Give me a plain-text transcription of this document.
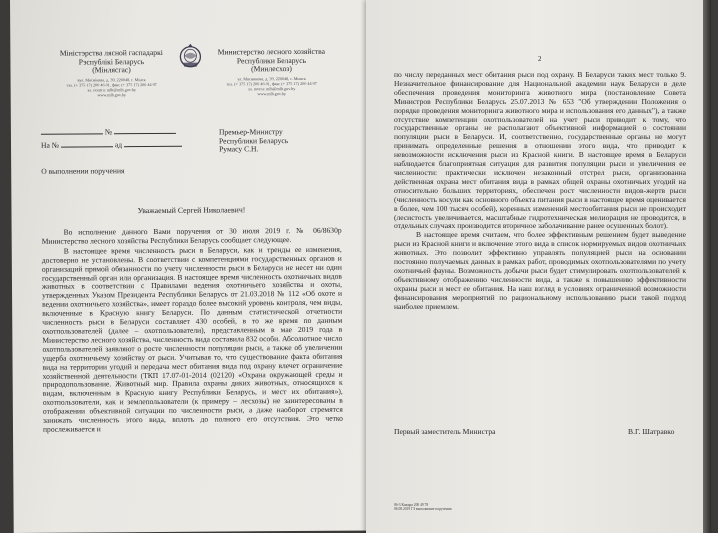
Міністэрства лясной гаспадаркі
Рэспублікі Беларусь
(Мінлясгас)
вул. Мяснікова, д. 39, 220048, г. Мінск
тэл. (+ 375 17) 200 46 01, факс (+ 375 17) 200 44 97
эл. пошта: mlh@mlh.gov.by
www.mlh.gov.by
Министерство лесного хозяйства
Республики Беларусь
(Минлесхоз)
ул. Мясникова, д. 39, 220048, г. Минск
тел. (+ 375 17) 200 46 01, факс (+ 375 17) 200 44 97
эл. почта: mlh@mlh.gov.by
www.mlh.gov.by
№
На №	ад
Премьер-Министру
Республики Беларусь
Румасу С.Н.
О выполнении поручения
Уважаемый Сергей Николаевич!

Во исполнение данного Вами поручения от 30 июля 2019 г. № 06/8630р Министерство лесного хозяйства Республики Беларусь сообщает следующее.

В настоящее время численность рыси в Беларуси, как и тренды ее изменения, достоверно не установлены. В соответствии с компетенциями государственных органов и организаций прямой обязанности по учету численности рыси в Беларуси не несет ни один государственный орган или организация. В настоящее время численность охотничьих видов животных в соответствии с Правилами ведения охотничьего хозяйства и охоты, утвержденных Указом Президента Республики Беларусь от 21.03.2018 № 112 «Об охоте и ведении охотничьего хозяйства», имеет гораздо более высокий уровень контроля, чем виды, включенные в Красную книгу Беларуси. По данным статистической отчетности численность рыси в Беларуси составляет 430 особей, в то же время по данным охотпользователей (далее – охотпользователи), представленным в мае 2019 года в Министерство лесного хозяйства, численность вида составила 832 особи. Абсолютное число охотпользователей заявляют о росте численности популяции рыси, а также об увеличении ущерба охотничьему хозяйству от рыси. Учитывая то, что существование факта обитания вида на территории угодий и передача мест обитания вида под охрану влечет ограничение хозяйственной деятельности (ТКП 17.07-01-2014 (02120) «Охрана окружающей среды и природопользование. Животный мир. Правила охраны диких животных, относящихся к видам, включенным в Красную книгу Республики Беларусь, и мест их обитания»), охотпользователи, как и землепользователи (к примеру – лесхозы) не заинтересованы в отображении объективной ситуации по численности рыси, а даже наоборот стремятся занижать численность этого вида, вплоть до полного его отсутствия. Это четко прослеживается и

2

по числу переданных мест обитания рыси под охрану. В Беларуси таких мест только 9. Незначительное финансирование для Национальной академии наук Беларуси в деле обеспечения проведения мониторинга животного мира (постановление Совета Министров Республики Беларусь 25.07.2013 № 653 "Об утверждении Положения о порядке проведения мониторинга животного мира и использования его данных"), а также отсутствие компетенции охотпользователей на учет рыси приводит к тому, что государственные органы не располагают объективной информацией о состоянии популяции рыси в Беларуси. И, соответственно, государственные органы не могут принимать определенные решения в отношении этого вида, что приводит к невозможности исключения рыси из Красной книги. В настоящее время в Беларуси наблюдается благоприятная ситуация для развития популяции рыси и увеличения ее численности: практически исключен незаконный отстрел рыси, организованна действенная охрана мест обитания вида в рамках общей охраны охотничьих угодий на относительно больших территориях, обеспечен рост численности видов-жертв рыси (численность косули как основного объекта питания рыси в настоящее время оценивается в более, чем 100 тысяч особей), коренных изменений местообитания рыси не происходит (лесистость увеличивается, масштабные гидротехническая мелиорация не проводится, в отдельных случаях производится вторичное заболачивание ранее осушенных болот).

В настоящее время считаем, что более эффективным решением будет выведение рыси из Красной книги и включение этого вида в список нормируемых видов охотничьих животных. Это позволит эффективно управлять популяцией рыси на основании постоянно получаемых данных в рамках работ, проводимых охотпользователями по учету охотничьей фауны. Возможность добычи рыси будет стимулировать охотпользователей к объективному отображению численности вида, а также к повышению эффективности охраны рыси и мест ее обитания. На наш взгляд в условиях ограниченной возможности финансирования мероприятий по рациональному использованию рыси такой подход наиболее приемлем.

Первый заместитель Министра	В.Г. Шатравко
06-3 Кожара 200 49 78
06.08.2019 ГЗ выполнение поручения
